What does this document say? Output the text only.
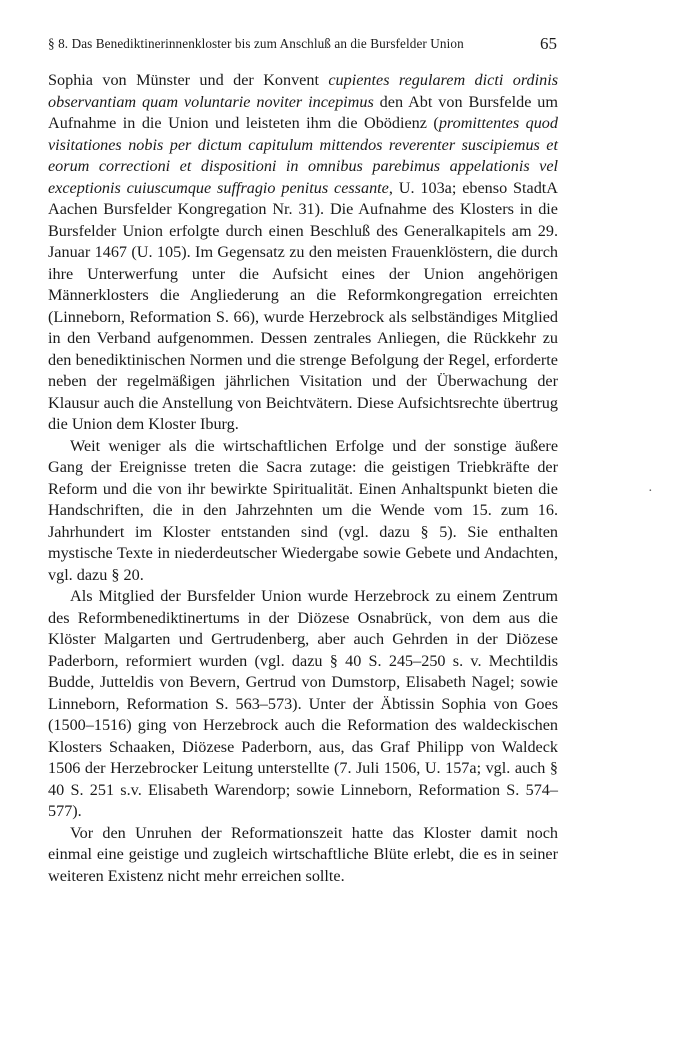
§ 8. Das Benediktinerinnenkloster bis zum Anschluß an die Bursfelder Union	65

Sophia von Münster und der Konvent cupientes regularem dicti ordinis observantiam quam voluntarie noviter incepimus den Abt von Bursfelde um Aufnahme in die Union und leisteten ihm die Obödienz (promittentes quod visitationes nobis per dictum capitulum mittendos reverenter suscipiemus et eorum correctioni et dispositioni in omnibus parebimus appelationis vel exceptionis cuiuscumque suffragio penitus cessante, U. 103a; ebenso StadtA Aachen Bursfelder Kongregation Nr. 31). Die Aufnahme des Klosters in die Bursfelder Union erfolgte durch einen Beschluß des Generalkapitels am 29. Januar 1467 (U. 105). Im Gegensatz zu den meisten Frauenklöstern, die durch ihre Unterwerfung unter die Aufsicht eines der Union angehörigen Männerklosters die Angliederung an die Reformkongregation erreichten (Linneborn, Reformation S. 66), wurde Herzebrock als selbständiges Mitglied in den Verband aufgenommen. Dessen zentrales Anliegen, die Rückkehr zu den benediktinischen Normen und die strenge Befolgung der Regel, erforderte neben der regelmäßigen jährlichen Visitation und der Überwachung der Klausur auch die Anstellung von Beichtvätern. Diese Aufsichtsrechte übertrug die Union dem Kloster Iburg.

Weit weniger als die wirtschaftlichen Erfolge und der sonstige äußere Gang der Ereignisse treten die Sacra zutage: die geistigen Triebkräfte der Reform und die von ihr bewirkte Spiritualität. Einen Anhaltspunkt bieten die Handschriften, die in den Jahrzehnten um die Wende vom 15. zum 16. Jahrhundert im Kloster entstanden sind (vgl. dazu § 5). Sie enthalten mystische Texte in niederdeutscher Wiedergabe sowie Gebete und Andachten, vgl. dazu § 20.

Als Mitglied der Bursfelder Union wurde Herzebrock zu einem Zentrum des Reformbenediktinertums in der Diözese Osnabrück, von dem aus die Klöster Malgarten und Gertrudenberg, aber auch Gehrden in der Diözese Paderborn, reformiert wurden (vgl. dazu § 40 S. 245–250 s. v. Mechtildis Budde, Jutteldis von Bevern, Gertrud von Dumstorp, Elisabeth Nagel; sowie Linneborn, Reformation S. 563–573). Unter der Äbtissin Sophia von Goes (1500–1516) ging von Herzebrock auch die Reformation des waldeckischen Klosters Schaaken, Diözese Paderborn, aus, das Graf Philipp von Waldeck 1506 der Herzebrocker Leitung unterstellte (7. Juli 1506, U. 157a; vgl. auch § 40 S. 251 s.v. Elisabeth Warendorp; sowie Linneborn, Reformation S. 574–577).

Vor den Unruhen der Reformationszeit hatte das Kloster damit noch einmal eine geistige und zugleich wirtschaftliche Blüte erlebt, die es in seiner weiteren Existenz nicht mehr erreichen sollte.

·
